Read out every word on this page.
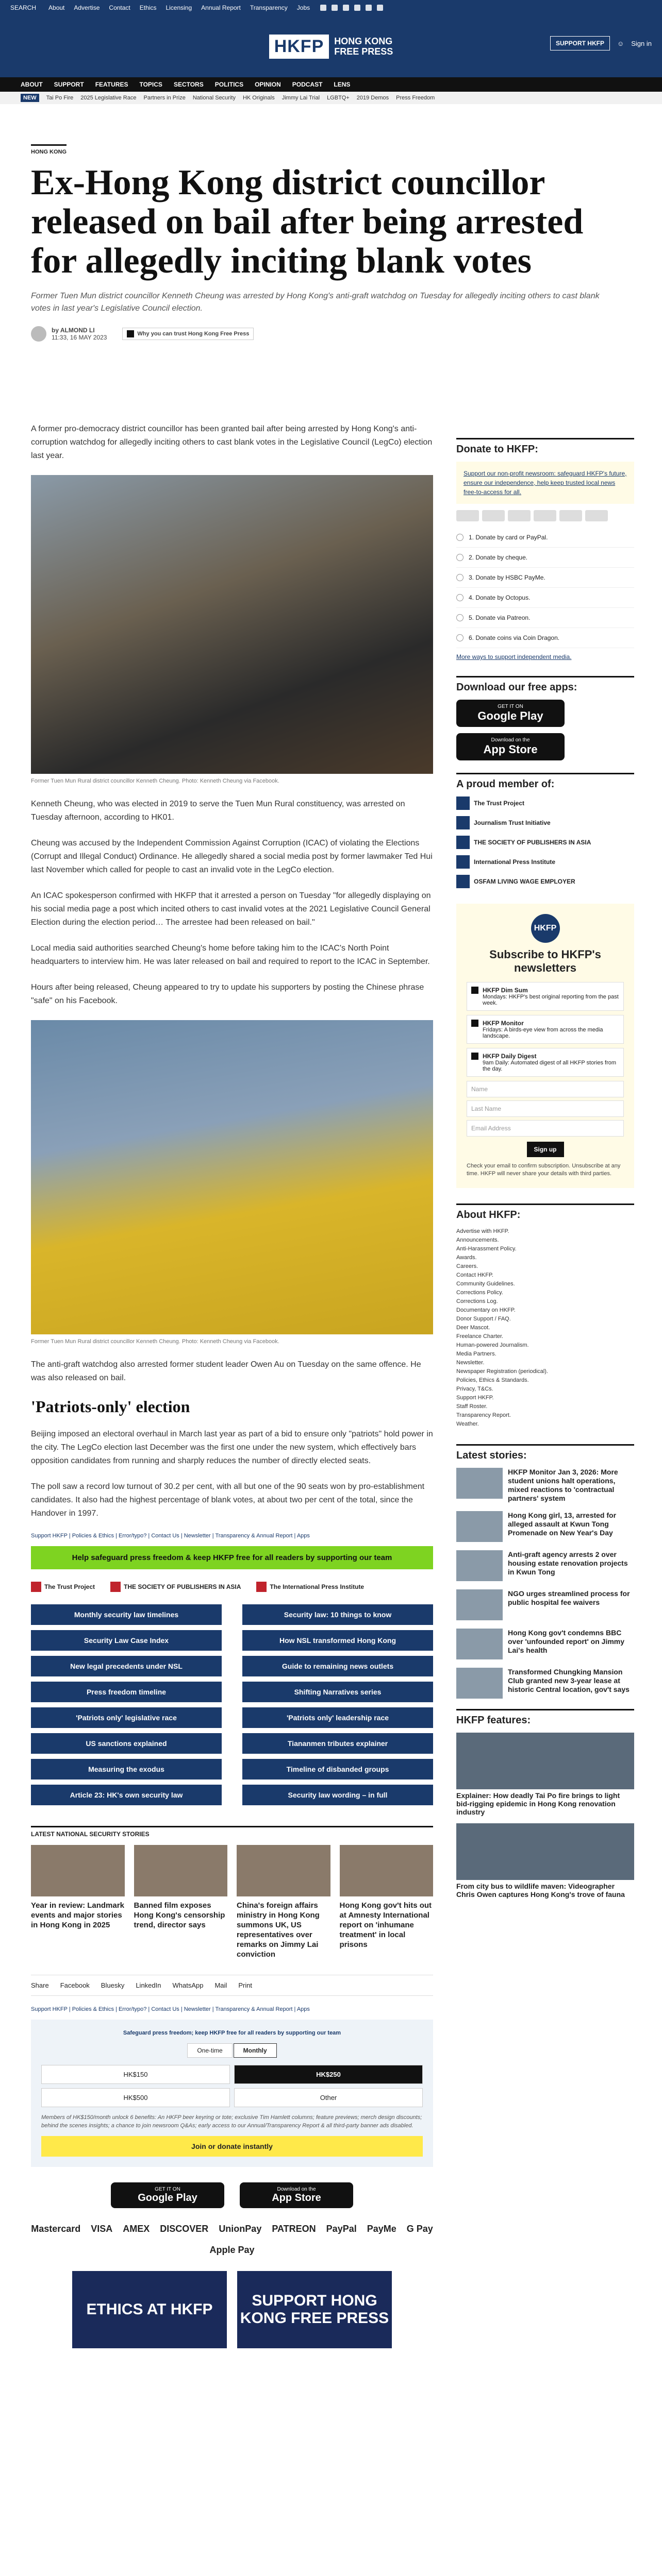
SEARCH About Advertise Contact Ethics Licensing Annual Report Transparency Jobs
HKFP	HONG KONG
FREE PRESS
SUPPORT HKFP	☺ Sign in
ABOUT SUPPORT FEATURES TOPICS SECTORS POLITICS OPINION PODCAST LENS
NEW	Tai Po Fire 2025 Legislative Race Partners in Prize National Security HK Originals Jimmy Lai Trial LGBTQ+ 2019 Demos Press Freedom
HONG KONG
Ex-Hong Kong district councillor released on bail after being arrested for allegedly inciting blank votes
Former Tuen Mun district councillor Kenneth Cheung was arrested by Hong Kong's anti-graft watchdog on Tuesday for allegedly inciting others to cast blank votes in last year's Legislative Council election.
by ALMOND LI
11:33, 16 MAY 2023	Why you can trust Hong Kong Free Press

A former pro-democracy district councillor has been granted bail after being arrested by Hong Kong's anti-corruption watchdog for allegedly inciting others to cast blank votes in the Legislative Council (LegCo) election last year.

Former Tuen Mun Rural district councillor Kenneth Cheung. Photo: Kenneth Cheung via Facebook.

Kenneth Cheung, who was elected in 2019 to serve the Tuen Mun Rural constituency, was arrested on Tuesday afternoon, according to HK01.

Cheung was accused by the Independent Commission Against Corruption (ICAC) of violating the Elections (Corrupt and Illegal Conduct) Ordinance. He allegedly shared a social media post by former lawmaker Ted Hui last November which called for people to cast an invalid vote in the LegCo election.

An ICAC spokesperson confirmed with HKFP that it arrested a person on Tuesday "for allegedly displaying on his social media page a post which incited others to cast invalid votes at the 2021 Legislative Council General Election during the election period… The arrestee had been released on bail."

Local media said authorities searched Cheung's home before taking him to the ICAC's North Point headquarters to interview him. He was later released on bail and required to report to the ICAC in September.

Hours after being released, Cheung appeared to try to update his supporters by posting the Chinese phrase "safe" on his Facebook.

Former Tuen Mun Rural district councillor Kenneth Cheung. Photo: Kenneth Cheung via Facebook.

The anti-graft watchdog also arrested former student leader Owen Au on Tuesday on the same offence. He was also released on bail.

'Patriots-only' election

Beijing imposed an electoral overhaul in March last year as part of a bid to ensure only "patriots" hold power in the city. The LegCo election last December was the first one under the new system, which effectively bars opposition candidates from running and sharply reduces the number of directly elected seats.

The poll saw a record low turnout of 30.2 per cent, with all but one of the 90 seats won by pro-establishment candidates. It also had the highest percentage of blank votes, at about two per cent of the total, since the Handover in 1997.

Support HKFP | Policies & Ethics | Error/typo? | Contact Us | Newsletter | Transparency & Annual Report | Apps
Help safeguard press freedom & keep HKFP free for all readers by supporting our team
The Trust Project	THE SOCIETY OF PUBLISHERS IN ASIA	The International Press Institute
Monthly security law timelines	Security law: 10 things to know
Security Law Case Index	How NSL transformed Hong Kong
New legal precedents under NSL	Guide to remaining news outlets
Press freedom timeline	Shifting Narratives series
'Patriots only' legislative race	'Patriots only' leadership race
US sanctions explained	Tiananmen tributes explainer
Measuring the exodus	Timeline of disbanded groups
Article 23: HK's own security law	Security law wording – in full
LATEST NATIONAL SECURITY STORIES
Year in review: Landmark events and major stories in Hong Kong in 2025
Banned film exposes Hong Kong's censorship trend, director says
China's foreign affairs ministry in Hong Kong summons UK, US representatives over remarks on Jimmy Lai conviction
Hong Kong gov't hits out at Amnesty International report on 'inhumane treatment' in local prisons
Share Facebook Bluesky LinkedIn WhatsApp Mail Print
Support HKFP | Policies & Ethics | Error/typo? | Contact Us | Newsletter | Transparency & Annual Report | Apps
Safeguard press freedom; keep HKFP free for all readers by supporting our team
One-time	Monthly
HK$150	HK$250
HK$500	Other
Members of HK$150/month unlock 6 benefits: An HKFP beer keyring or tote; exclusive Tim Hamlett columns; feature previews; merch design discounts; behind the scenes insights; a chance to join newsroom Q&As; early access to our Annual/Transparency Report & all third-party banner ads disabled.
Join or donate instantly
GET IT ON
Google Play
Download on the
App Store
Mastercard VISA AMEX DISCOVER UnionPay PATREON PayPal PayMe G Pay
Apple Pay
ETHICS AT HKFP
SUPPORT HONG KONG FREE PRESS
Donate to HKFP:
Support our non-profit newsroom: safeguard HKFP's future, ensure our independence, help keep trusted local news free-to-access for all.
1. Donate by card or PayPal.
2. Donate by cheque.
3. Donate by HSBC PayMe.
4. Donate by Octopus.
5. Donate via Patreon.
6. Donate coins via Coin Dragon.
More ways to support independent media.
Download our free apps:
GET IT ON
Google Play
Download on the
App Store
A proud member of:
The Trust Project
Journalism Trust Initiative
THE SOCIETY OF PUBLISHERS IN ASIA
International Press Institute
OSFAM LIVING WAGE EMPLOYER
HKFP
Subscribe to HKFP's newsletters
HKFP Dim Sum
Mondays: HKFP's best original reporting from the past week.
HKFP Monitor
Fridays: A birds-eye view from across the media landscape.
HKFP Daily Digest
9am Daily: Automated digest of all HKFP stories from the day.
Name
Last Name
Email Address
Sign up
Check your email to confirm subscription. Unsubscribe at any time. HKFP will never share your details with third parties.
About HKFP:
Advertise with HKFP.
Announcements.
Anti-Harassment Policy.
Awards.
Careers.
Contact HKFP.
Community Guidelines.
Corrections Policy.
Corrections Log.
Documentary on HKFP.
Donor Support / FAQ.
Deer Mascot.
Freelance Charter.
Human-powered Journalism.
Media Partners.
Newsletter.
Newspaper Registration (periodical).
Policies, Ethics & Standards.
Privacy, T&Cs.
Support HKFP.
Staff Roster.
Transparency Report.
Weather.
Latest stories:
HKFP Monitor Jan 3, 2026: More student unions halt operations, mixed reactions to 'contractual partners' system
Hong Kong girl, 13, arrested for alleged assault at Kwun Tong Promenade on New Year's Day
Anti-graft agency arrests 2 over housing estate renovation projects in Kwun Tong
NGO urges streamlined process for public hospital fee waivers
Hong Kong gov't condemns BBC over 'unfounded report' on Jimmy Lai's health
Transformed Chungking Mansion Club granted new 3-year lease at historic Central location, gov't says
HKFP features:
Explainer: How deadly Tai Po fire brings to light bid-rigging epidemic in Hong Kong renovation industry
From city bus to wildlife maven: Videographer Chris Owen captures Hong Kong's trove of fauna
